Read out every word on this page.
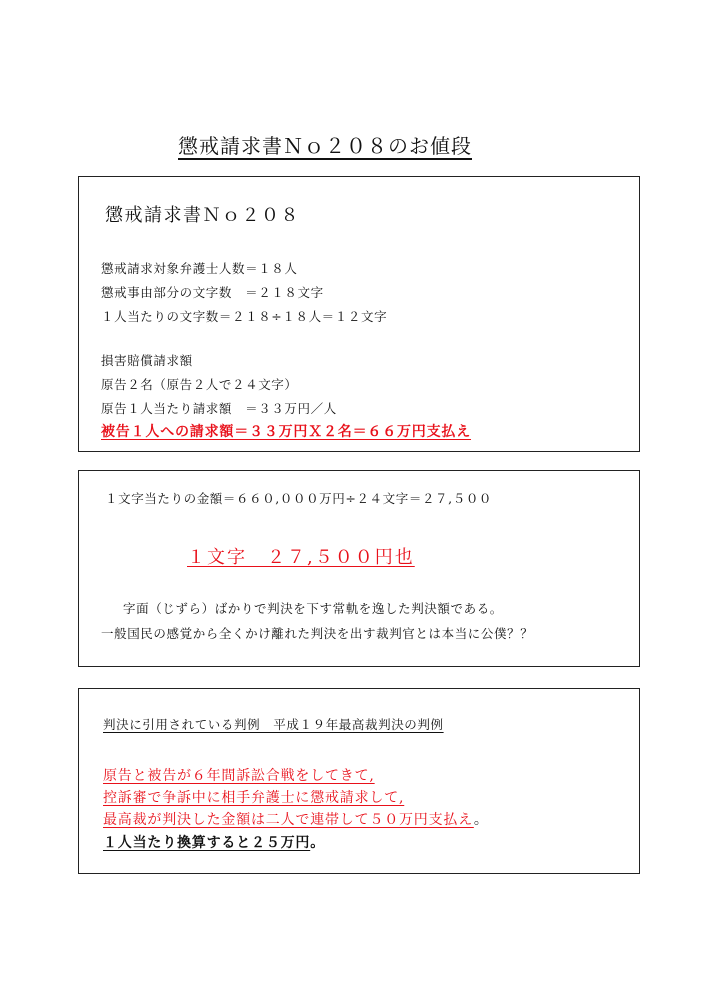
懲戒請求書Ｎｏ２０８のお値段
懲戒請求書Ｎｏ２０８
懲戒請求対象弁護士人数＝１８人
懲戒事由部分の文字数　＝２１８文字
１人当たりの文字数＝２１８÷１８人＝１２文字
損害賠償請求額
原告２名（原告２人で２４文字）
原告１人当たり請求額　＝３３万円／人
被告１人への請求額＝３３万円Ｘ２名＝６６万円支払え
１文字当たりの金額＝６６０,０００万円÷２４文字＝２７,５００
１文字　２７,５００円也
字面（じずら）ばかりで判決を下す常軌を逸した判決額である。
一般国民の感覚から全くかけ離れた判決を出す裁判官とは本当に公僕？？
判決に引用されている判例　平成１９年最高裁判決の判例
原告と被告が６年間訴訟合戦をしてきて,
控訴審で争訴中に相手弁護士に懲戒請求して,
最高裁が判決した金額は二人で連帯して５０万円支払え。
１人当たり換算すると２５万円。
